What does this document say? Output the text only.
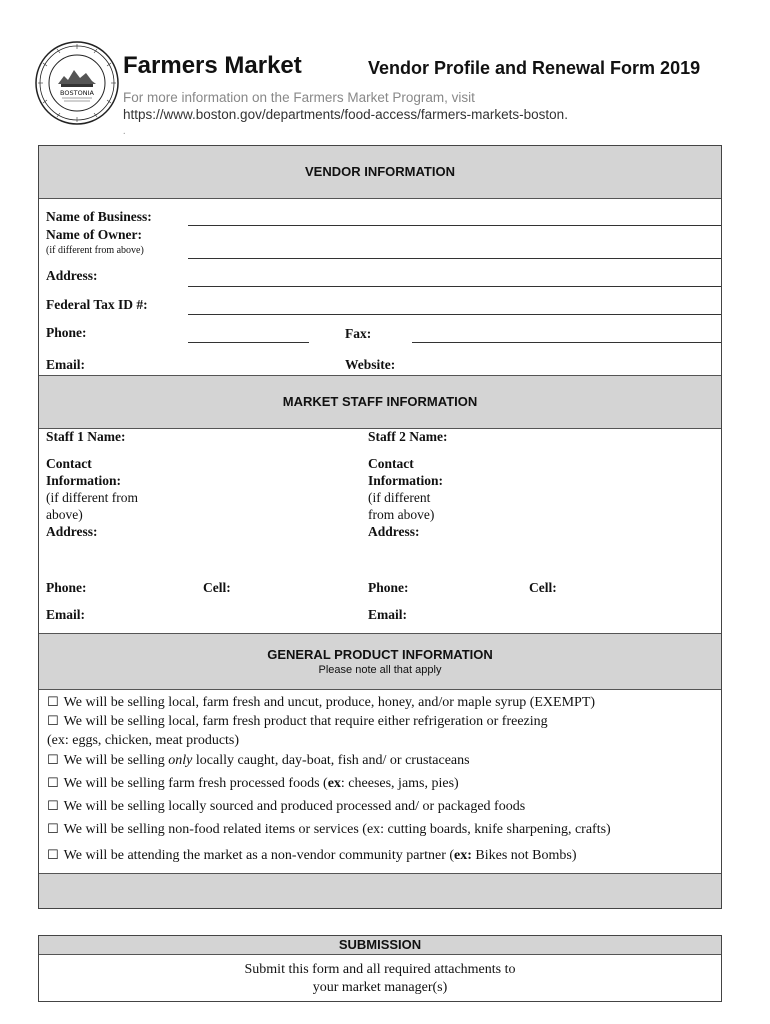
BOSTONIA
Farmers Market	Vendor Profile and Renewal Form 2019
For more information on the Farmers Market Program, visit
https://www.boston.gov/departments/food-access/farmers-markets-boston.
.
VENDOR INFORMATION
Name of Business:
Name of Owner:
(if different from above)
Address:
Federal Tax ID #:
Phone:	Fax:
Email:	Website:
MARKET STAFF INFORMATION
Staff 1 Name:	Staff 2 Name:
Contact
Information:
(if different from
above)
Address:
Contact
Information:
(if different
from above)
Address:
Phone:	Cell:	Phone:	Cell:
Email:	Email:
GENERAL PRODUCT INFORMATION
Please note all that apply
☐ We will be selling local, farm fresh and uncut, produce, honey, and/or maple syrup (EXEMPT)
☐ We will be selling local, farm fresh product that require either refrigeration or freezing
(ex: eggs, chicken, meat products)
☐ We will be selling only locally caught, day-boat, fish and/ or crustaceans
☐ We will be selling farm fresh processed foods (ex: cheeses, jams, pies)
☐ We will be selling locally sourced and produced processed and/ or packaged foods
☐ We will be selling non-food related items or services (ex: cutting boards, knife sharpening, crafts)
☐ We will be attending the market as a non-vendor community partner (ex: Bikes not Bombs)
SUBMISSION
Submit this form and all required attachments to
your market manager(s)
